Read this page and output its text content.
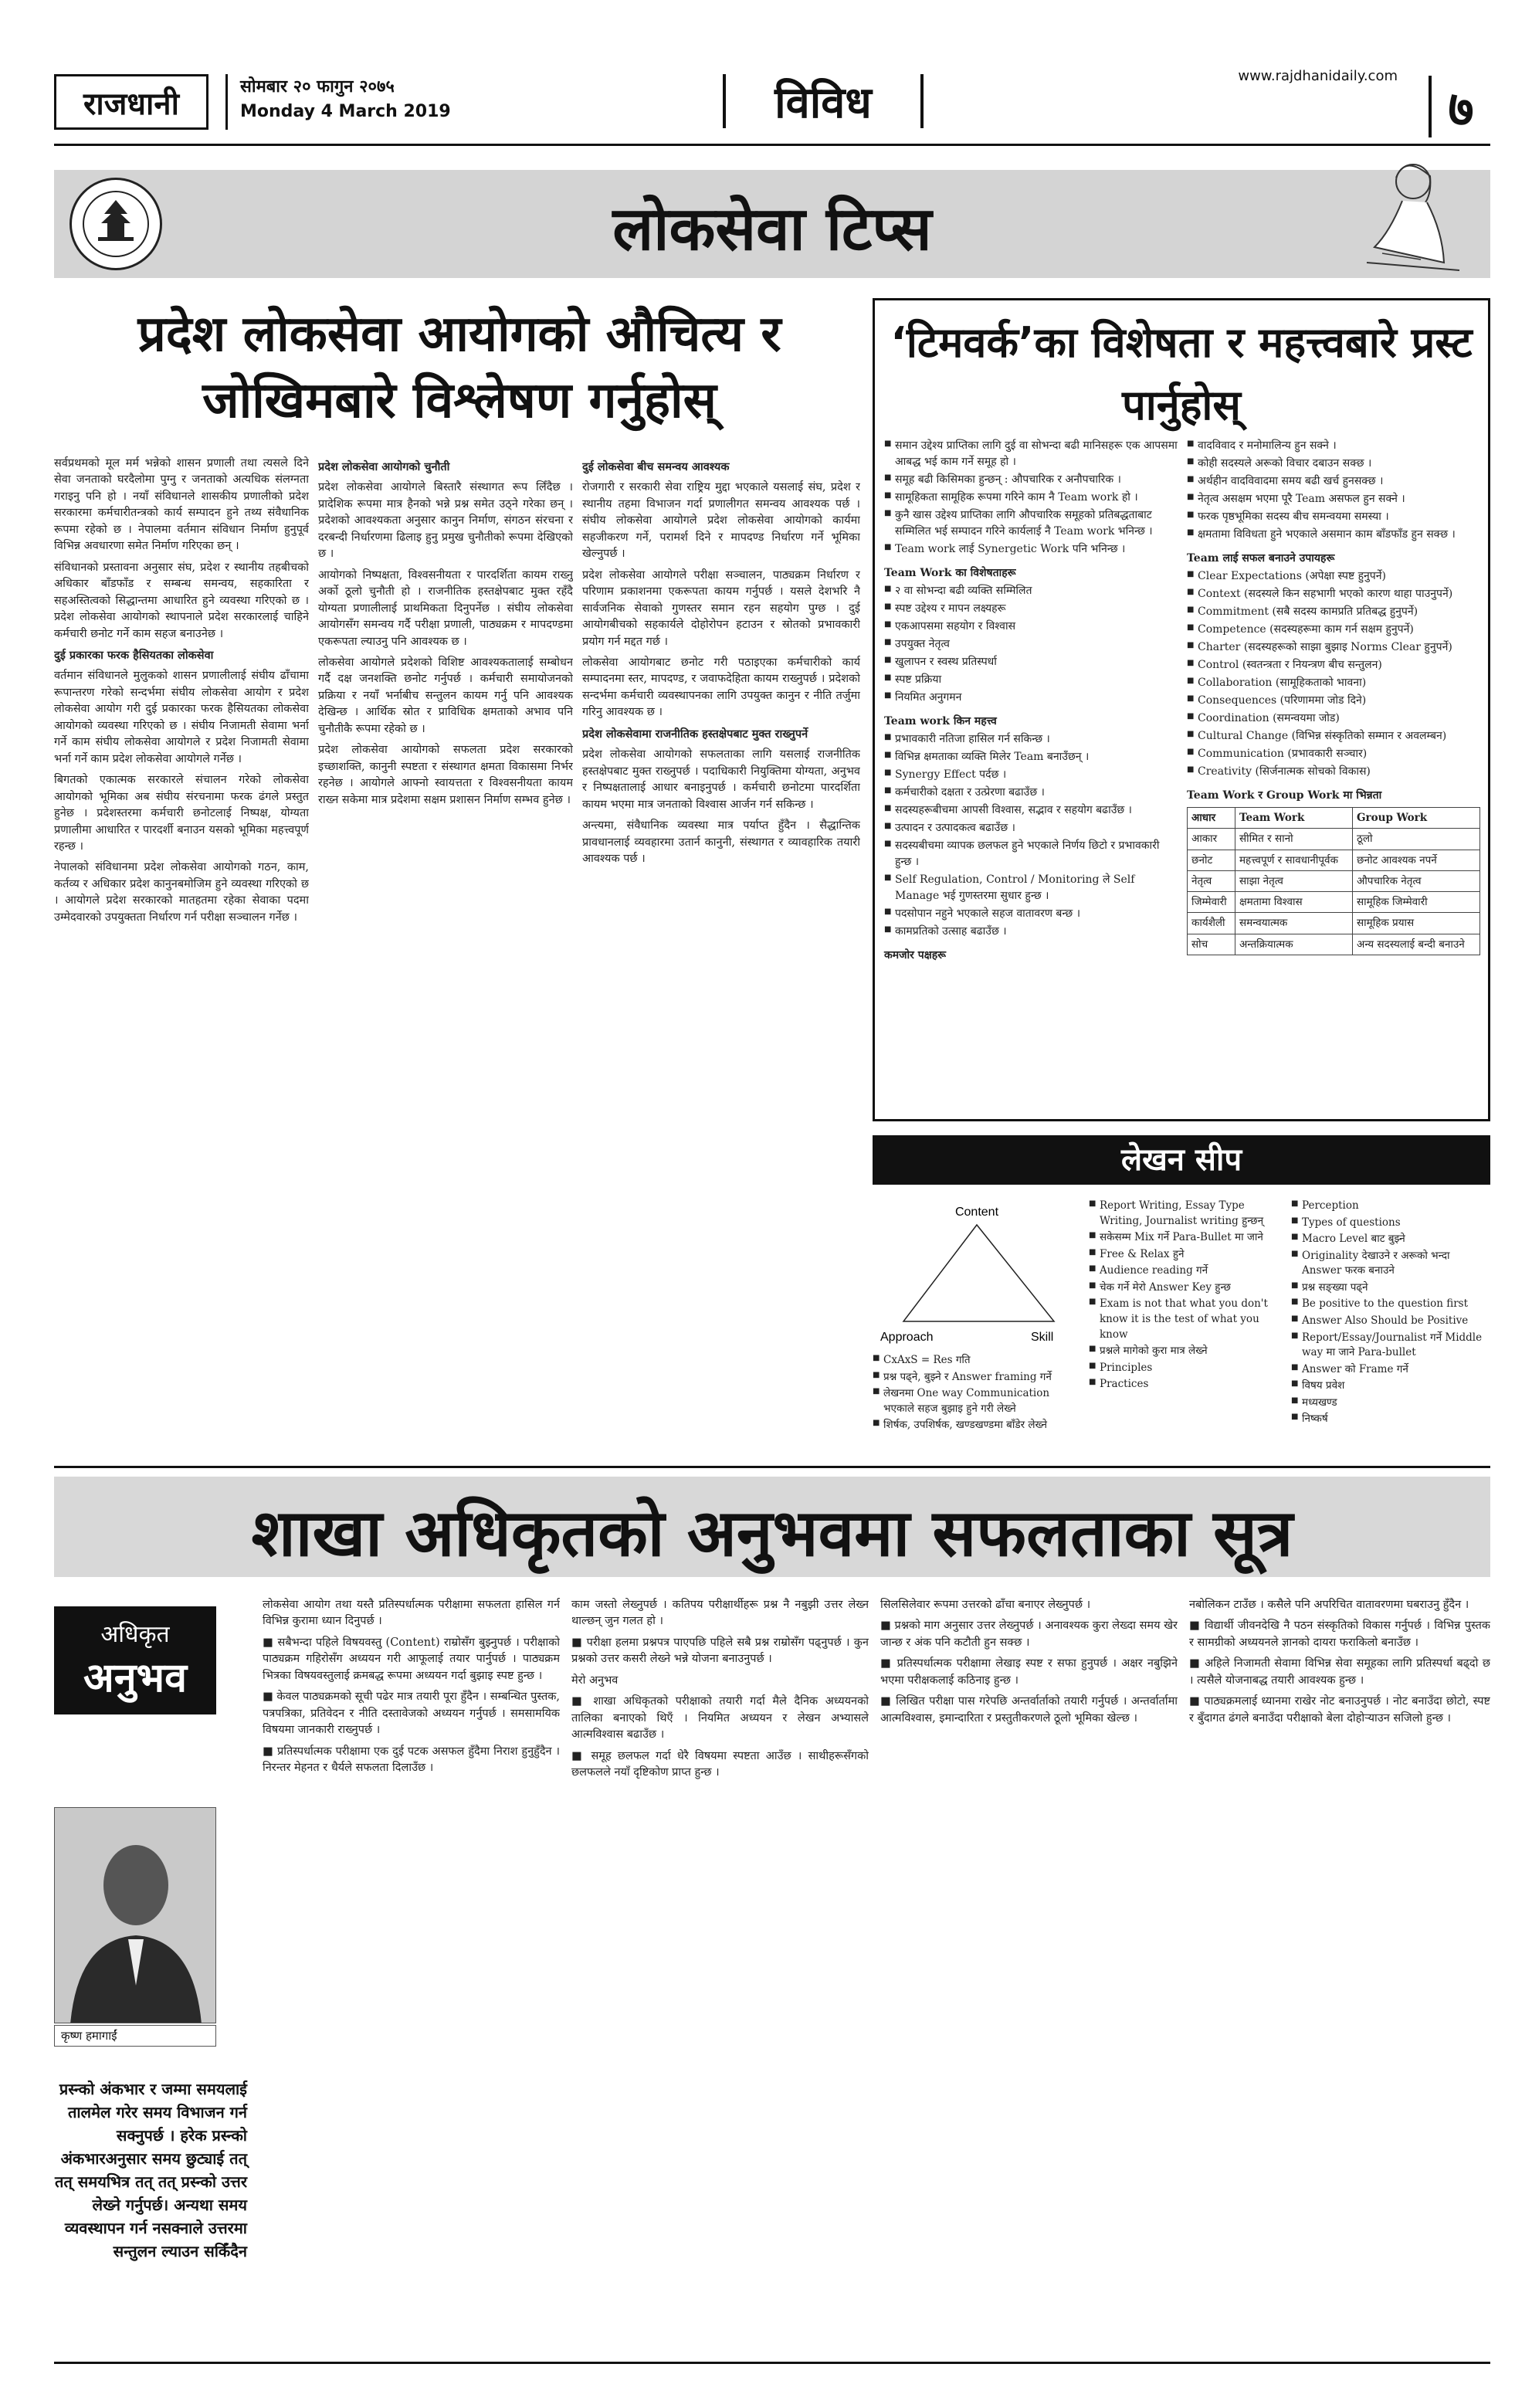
राजधानी	सोमबार २० फागुन २०७५
Monday 4 March 2019	विविध
www.rajdhanidaily.com
७
लोकसेवा टिप्स
प्रदेश लोकसेवा आयोगको औचित्य र जोखिमबारे विश्लेषण गर्नुहोस्

सर्वप्रथमको मूल मर्म भन्नेको शासन प्रणाली तथा त्यसले दिने सेवा जनताको घरदैलोमा पुग्नु र जनताको अत्यधिक संलग्नता गराइनु पनि हो । नयाँ संविधानले शासकीय प्रणालीको प्रदेश सरकारमा कर्मचारीतन्त्रको कार्य सम्पादन हुने तथ्य संवैधानिक रूपमा रहेको छ । नेपालमा वर्तमान संविधान निर्माण हुनुपूर्व विभिन्न अवधारणा समेत निर्माण गरिएका छन् ।

संविधानको प्रस्तावना अनुसार संघ, प्रदेश र स्थानीय तहबीचको अधिकार बाँडफाँड र सम्बन्ध समन्वय, सहकारिता र सहअस्तित्वको सिद्धान्तमा आधारित हुने व्यवस्था गरिएको छ । प्रदेश लोकसेवा आयोगको स्थापनाले प्रदेश सरकारलाई चाहिने कर्मचारी छनोट गर्ने काम सहज बनाउनेछ ।

दुई प्रकारका फरक हैसियतका लोकसेवा

वर्तमान संविधानले मुलुकको शासन प्रणालीलाई संघीय ढाँचामा रूपान्तरण गरेको सन्दर्भमा संघीय लोकसेवा आयोग र प्रदेश लोकसेवा आयोग गरी दुई प्रकारका फरक हैसियतका लोकसेवा आयोगको व्यवस्था गरिएको छ । संघीय निजामती सेवामा भर्ना गर्ने काम संघीय लोकसेवा आयोगले र प्रदेश निजामती सेवामा भर्ना गर्ने काम प्रदेश लोकसेवा आयोगले गर्नेछ ।

बिगतको एकात्मक सरकारले संचालन गरेको लोकसेवा आयोगको भूमिका अब संघीय संरचनामा फरक ढंगले प्रस्तुत हुनेछ । प्रदेशस्तरमा कर्मचारी छनोटलाई निष्पक्ष, योग्यता प्रणालीमा आधारित र पारदर्शी बनाउन यसको भूमिका महत्त्वपूर्ण रहन्छ ।

नेपालको संविधानमा प्रदेश लोकसेवा आयोगको गठन, काम, कर्तव्य र अधिकार प्रदेश कानुनबमोजिम हुने व्यवस्था गरिएको छ । आयोगले प्रदेश सरकारको मातहतमा रहेका सेवाका पदमा उम्मेदवारको उपयुक्तता निर्धारण गर्न परीक्षा सञ्चालन गर्नेछ ।

प्रदेश लोकसेवा आयोगको चुनौती

प्रदेश लोकसेवा आयोगले बिस्तारै संस्थागत रूप लिँदैछ । प्रादेशिक रूपमा मात्र हैनको भन्ने प्रश्न समेत उठ्ने गरेका छन् । प्रदेशको आवश्यकता अनुसार कानुन निर्माण, संगठन संरचना र दरबन्दी निर्धारणमा ढिलाइ हुनु प्रमुख चुनौतीको रूपमा देखिएको छ ।

आयोगको निष्पक्षता, विश्वसनीयता र पारदर्शिता कायम राख्नु अर्को ठूलो चुनौती हो । राजनीतिक हस्तक्षेपबाट मुक्त रहँदै योग्यता प्रणालीलाई प्राथमिकता दिनुपर्नेछ । संघीय लोकसेवा आयोगसँग समन्वय गर्दै परीक्षा प्रणाली, पाठ्यक्रम र मापदण्डमा एकरूपता ल्याउनु पनि आवश्यक छ ।

लोकसेवा आयोगले प्रदेशको विशिष्ट आवश्यकतालाई सम्बोधन गर्दै दक्ष जनशक्ति छनोट गर्नुपर्छ । कर्मचारी समायोजनको प्रक्रिया र नयाँ भर्नाबीच सन्तुलन कायम गर्नु पनि आवश्यक देखिन्छ । आर्थिक स्रोत र प्राविधिक क्षमताको अभाव पनि चुनौतीकै रूपमा रहेको छ ।

प्रदेश लोकसेवा आयोगको सफलता प्रदेश सरकारको इच्छाशक्ति, कानुनी स्पष्टता र संस्थागत क्षमता विकासमा निर्भर रहनेछ । आयोगले आफ्नो स्वायत्तता र विश्वसनीयता कायम राख्न सकेमा मात्र प्रदेशमा सक्षम प्रशासन निर्माण सम्भव हुनेछ ।

दुई लोकसेवा बीच समन्वय आवश्यक

रोजगारी र सरकारी सेवा राष्ट्रिय मुद्दा भएकाले यसलाई संघ, प्रदेश र स्थानीय तहमा विभाजन गर्दा प्रणालीगत समन्वय आवश्यक पर्छ । संघीय लोकसेवा आयोगले प्रदेश लोकसेवा आयोगको कार्यमा सहजीकरण गर्ने, परामर्श दिने र मापदण्ड निर्धारण गर्ने भूमिका खेल्नुपर्छ ।

प्रदेश लोकसेवा आयोगले परीक्षा सञ्चालन, पाठ्यक्रम निर्धारण र परिणाम प्रकाशनमा एकरूपता कायम गर्नुपर्छ । यसले देशभरि नै सार्वजनिक सेवाको गुणस्तर समान रहन सहयोग पुग्छ । दुई आयोगबीचको सहकार्यले दोहोरोपन हटाउन र स्रोतको प्रभावकारी प्रयोग गर्न मद्दत गर्छ ।

लोकसेवा आयोगबाट छनोट गरी पठाइएका कर्मचारीको कार्य सम्पादनमा स्तर, मापदण्ड, र जवाफदेहिता कायम राख्नुपर्छ । प्रदेशको सन्दर्भमा कर्मचारी व्यवस्थापनका लागि उपयुक्त कानुन र नीति तर्जुमा गरिनु आवश्यक छ ।

प्रदेश लोकसेवामा राजनीतिक हस्तक्षेपबाट मुक्त राख्नुपर्ने

प्रदेश लोकसेवा आयोगको सफलताका लागि यसलाई राजनीतिक हस्तक्षेपबाट मुक्त राख्नुपर्छ । पदाधिकारी नियुक्तिमा योग्यता, अनुभव र निष्पक्षतालाई आधार बनाइनुपर्छ । कर्मचारी छनोटमा पारदर्शिता कायम भएमा मात्र जनताको विश्वास आर्जन गर्न सकिन्छ ।

अन्त्यमा, संवैधानिक व्यवस्था मात्र पर्याप्त हुँदैन । सैद्धान्तिक प्रावधानलाई व्यवहारमा उतार्न कानुनी, संस्थागत र व्यावहारिक तयारी आवश्यक पर्छ ।

‘टिमवर्क’का विशेषता र महत्त्वबारे प्रस्ट पार्नुहोस्
■ समान उद्देश्य प्राप्तिका लागि दुई वा सोभन्दा बढी मानिसहरू एक आपसमा आबद्ध भई काम गर्ने समूह हो ।
■ समूह बढी किसिमका हुन्छन् : औपचारिक र अनौपचारिक ।
■ सामूहिकता सामूहिक रूपमा गरिने काम नै Team work हो ।
■ कुनै खास उद्देश्य प्राप्तिका लागि औपचारिक समूहको प्रतिबद्धताबाट सम्मिलित भई सम्पादन गरिने कार्यलाई नै Team work भनिन्छ ।
■ Team work लाई Synergetic Work पनि भनिन्छ ।

Team Work का विशेषताहरू

■ २ वा सोभन्दा बढी व्यक्ति सम्मिलित
■ स्पष्ट उद्देश्य र मापन लक्ष्यहरू
■ एकआपसमा सहयोग र विश्वास
■ उपयुक्त नेतृत्व
■ खुलापन र स्वस्थ प्रतिस्पर्धा
■ स्पष्ट प्रक्रिया
■ नियमित अनुगमन

Team work किन महत्त्व

■ प्रभावकारी नतिजा हासिल गर्न सकिन्छ ।
■ विभिन्न क्षमताका व्यक्ति मिलेर Team बनाउँछन् ।
■ Synergy Effect पर्दछ ।
■ कर्मचारीको दक्षता र उत्प्रेरणा बढाउँछ ।
■ सदस्यहरूबीचमा आपसी विश्वास, सद्भाव र सहयोग बढाउँछ ।
■ उत्पादन र उत्पादकत्व बढाउँछ ।
■ सदस्यबीचमा व्यापक छलफल हुने भएकाले निर्णय छिटो र प्रभावकारी हुन्छ ।
■ Self Regulation, Control / Monitoring ले Self Manage भई गुणस्तरमा सुधार हुन्छ ।
■ पदसोपान नहुने भएकाले सहज वातावरण बन्छ ।
■ कामप्रतिको उत्साह बढाउँछ ।

कमजोर पक्षहरू

■ वादविवाद र मनोमालिन्य हुन सक्ने ।
■ कोही सदस्यले अरूको विचार दबाउन सक्छ ।
■ अर्थहीन वादविवादमा समय बढी खर्च हुनसक्छ ।
■ नेतृत्व असक्षम भएमा पूरै Team असफल हुन सक्ने ।
■ फरक पृष्ठभूमिका सदस्य बीच समन्वयमा समस्या ।
■ क्षमतामा विविधता हुने भएकाले असमान काम बाँडफाँड हुन सक्छ ।

Team लाई सफल बनाउने उपायहरू

■ Clear Expectations (अपेक्षा स्पष्ट हुनुपर्ने)
■ Context (सदस्यले किन सहभागी भएको कारण थाहा पाउनुपर्ने)
■ Commitment (सबै सदस्य कामप्रति प्रतिबद्ध हुनुपर्ने)
■ Competence (सदस्यहरूमा काम गर्न सक्षम हुनुपर्ने)
■ Charter (सदस्यहरूको साझा बुझाइ Norms Clear हुनुपर्ने)
■ Control (स्वतन्त्रता र नियन्त्रण बीच सन्तुलन)
■ Collaboration (सामूहिकताको भावना)
■ Consequences (परिणाममा जोड दिने)
■ Coordination (समन्वयमा जोड)
■ Cultural Change (विभिन्न संस्कृतिको सम्मान र अवलम्बन)
■ Communication (प्रभावकारी सञ्चार)
■ Creativity (सिर्जनात्मक सोचको विकास)

Team Work र Group Work मा भिन्नता

आधार	Team Work	Group Work
आकार	सीमित र सानो	ठूलो
छनोट	महत्त्वपूर्ण र सावधानीपूर्वक	छनोट आवश्यक नपर्ने
नेतृत्व	साझा नेतृत्व	औपचारिक नेतृत्व
जिम्मेवारी	क्षमतामा विश्वास	सामूहिक जिम्मेवारी
कार्यशैली	समन्वयात्मक	सामूहिक प्रयास
सोच	अन्तक्रियात्मक	अन्य सदस्यलाई बन्दी बनाउने
लेखन सीप
Content
Approach	Skill
■ CxAxS = Res गति
■ प्रश्न पढ्ने, बुझ्ने र Answer framing गर्ने
■ लेखनमा One way Communication भएकाले सहज बुझाइ हुने गरी लेख्ने
■ शिर्षक, उपशिर्षक, खण्डखण्डमा बाँडेर लेख्ने
■ Report Writing, Essay Type Writing, Journalist writing हुन्छन्
■ सकेसम्म Mix गर्ने Para-Bullet मा जाने
■ Free & Relax हुने
■ Audience reading गर्ने
■ चेक गर्ने मेरो Answer Key हुन्छ
■ Exam is not that what you don't know it is the test of what you know
■ प्रश्नले मागेको कुरा मात्र लेख्ने
■ Principles
■ Practices
■ Perception
■ Types of questions
■ Macro Level बाट बुझ्ने
■ Originality देखाउने र अरूको भन्दा Answer फरक बनाउने
■ प्रश्न सङ्ख्या पढ्ने
■ Be positive to the question first
■ Answer Also Should be Positive
■ Report/Essay/Journalist गर्ने Middle way मा जाने Para-bullet
■ Answer को Frame गर्ने
■ विषय प्रवेश
■ मध्यखण्ड
■ निष्कर्ष
शाखा अधिकृतको अनुभवमा सफलताका सूत्र
अधिकृत
अनुभव
कृष्ण हमागाईं
प्रस्न्को अंकभार र जम्मा समयलाई तालमेल गरेर समय विभाजन गर्न सक्नुपर्छ । हरेक प्रस्न्को अंकभारअनुसार समय छुट्याई तत् तत् समयभित्र तत् तत् प्रस्न्को उत्तर लेख्ने गर्नुपर्छ। अन्यथा समय व्यवस्थापन गर्न नसक्नाले उत्तरमा सन्तुलन ल्याउन सकिँदैन

लोकसेवा आयोग तथा यस्तै प्रतिस्पर्धात्मक परीक्षामा सफलता हासिल गर्न विभिन्न कुरामा ध्यान दिनुपर्छ ।

■ सबैभन्दा पहिले विषयवस्तु (Content) राम्रोसँग बुझ्नुपर्छ । परीक्षाको पाठ्यक्रम गहिरोसँग अध्ययन गरी आफूलाई तयार पार्नुपर्छ । पाठ्यक्रम भित्रका विषयवस्तुलाई क्रमबद्ध रूपमा अध्ययन गर्दा बुझाइ स्पष्ट हुन्छ ।

■ केवल पाठ्यक्रमको सूची पढेर मात्र तयारी पूरा हुँदैन । सम्बन्धित पुस्तक, पत्रपत्रिका, प्रतिवेदन र नीति दस्तावेजको अध्ययन गर्नुपर्छ । समसामयिक विषयमा जानकारी राख्नुपर्छ ।

■ प्रतिस्पर्धात्मक परीक्षामा एक दुई पटक असफल हुँदैमा निराश हुनुहुँदैन । निरन्तर मेहनत र धैर्यले सफलता दिलाउँछ ।

काम जस्तो लेख्नुपर्छ । कतिपय परीक्षार्थीहरू प्रश्न नै नबुझी उत्तर लेख्न थाल्छन् जुन गलत हो ।

■ परीक्षा हलमा प्रश्नपत्र पाएपछि पहिले सबै प्रश्न राम्रोसँग पढ्नुपर्छ । कुन प्रश्नको उत्तर कसरी लेख्ने भन्ने योजना बनाउनुपर्छ ।

मेरो अनुभव

■ शाखा अधिकृतको परीक्षाको तयारी गर्दा मैले दैनिक अध्ययनको तालिका बनाएको थिएँ । नियमित अध्ययन र लेखन अभ्यासले आत्मविश्वास बढाउँछ ।

■ समूह छलफल गर्दा धेरै विषयमा स्पष्टता आउँछ । साथीहरूसँगको छलफलले नयाँ दृष्टिकोण प्राप्त हुन्छ ।

सिलसिलेवार रूपमा उत्तरको ढाँचा बनाएर लेख्नुपर्छ ।

■ प्रश्नको माग अनुसार उत्तर लेख्नुपर्छ । अनावश्यक कुरा लेख्दा समय खेर जान्छ र अंक पनि कटौती हुन सक्छ ।

■ प्रतिस्पर्धात्मक परीक्षामा लेखाइ स्पष्ट र सफा हुनुपर्छ । अक्षर नबुझिने भएमा परीक्षकलाई कठिनाइ हुन्छ ।

■ लिखित परीक्षा पास गरेपछि अन्तर्वार्ताको तयारी गर्नुपर्छ । अन्तर्वार्तामा आत्मविश्वास, इमान्दारिता र प्रस्तुतीकरणले ठूलो भूमिका खेल्छ ।

नबोलिकन टाउँछ । कसैले पनि अपरिचित वातावरणमा घबराउनु हुँदैन ।

■ विद्यार्थी जीवनदेखि नै पठन संस्कृतिको विकास गर्नुपर्छ । विभिन्न पुस्तक र सामग्रीको अध्ययनले ज्ञानको दायरा फराकिलो बनाउँछ ।

■ अहिले निजामती सेवामा विभिन्न सेवा समूहका लागि प्रतिस्पर्धा बढ्दो छ । त्यसैले योजनाबद्ध तयारी आवश्यक हुन्छ ।

■ पाठ्यक्रमलाई ध्यानमा राखेर नोट बनाउनुपर्छ । नोट बनाउँदा छोटो, स्पष्ट र बुँदागत ढंगले बनाउँदा परीक्षाको बेला दोहोर्‍याउन सजिलो हुन्छ ।
